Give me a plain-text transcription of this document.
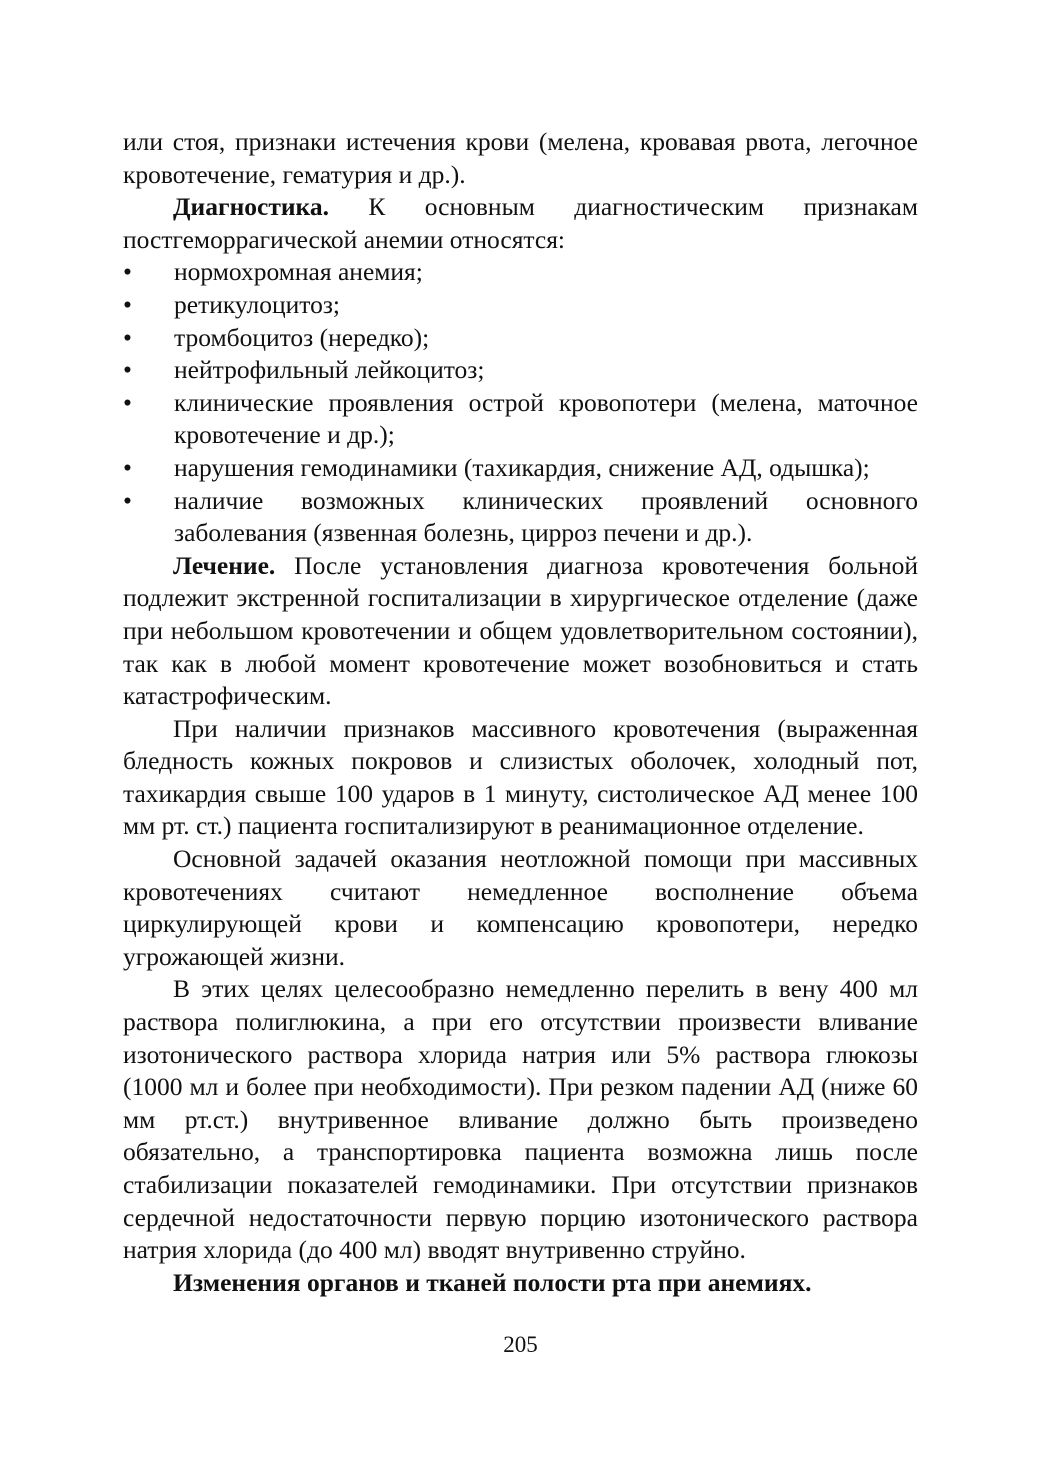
или стоя, признаки истечения крови (мелена, кровавая рвота, легочное кровотечение, гематурия и др.).

Диагностика. К основным диагностическим признакам постгеморрагической анемии относятся:

• нормохромная анемия;
• ретикулоцитоз;
• тромбоцитоз (нередко);
• нейтрофильный лейкоцитоз;
• клинические проявления острой кровопотери (мелена, маточное кровотечение и др.);
• нарушения гемодинамики (тахикардия, снижение АД, одышка);
• наличие возможных клинических проявлений основного заболевания (язвенная болезнь, цирроз печени и др.).

Лечение. После установления диагноза кровотечения больной подлежит экстренной госпитализации в хирургическое отделение (даже при небольшом кровотечении и общем удовлетворительном состоянии), так как в любой момент кровотечение может возобновиться и стать катастрофическим.

При наличии признаков массивного кровотечения (выраженная бледность кожных покровов и слизистых оболочек, холодный пот, тахикардия свыше 100 ударов в 1 минуту, систолическое АД менее 100 мм рт. ст.) пациента госпитализируют в реанимационное отделение.

Основной задачей оказания неотложной помощи при массивных кровотечениях считают немедленное восполнение объема циркулирующей крови и компенсацию кровопотери, нередко угрожающей жизни.

В этих целях целесообразно немедленно перелить в вену 400 мл раствора полиглюкина, а при его отсутствии произвести вливание изотонического раствора хлорида натрия или 5% раствора глюкозы (1000 мл и более при необходимости). При резком падении АД (ниже 60 мм рт.ст.) внутривенное вливание должно быть произведено обязательно, а транспортировка пациента возможна лишь после стабилизации показателей гемодинамики. При отсутствии признаков сердечной недостаточности первую порцию изотонического раствора натрия хлорида (до 400 мл) вводят внутривенно струйно.

Изменения органов и тканей полости рта при анемиях.

205
